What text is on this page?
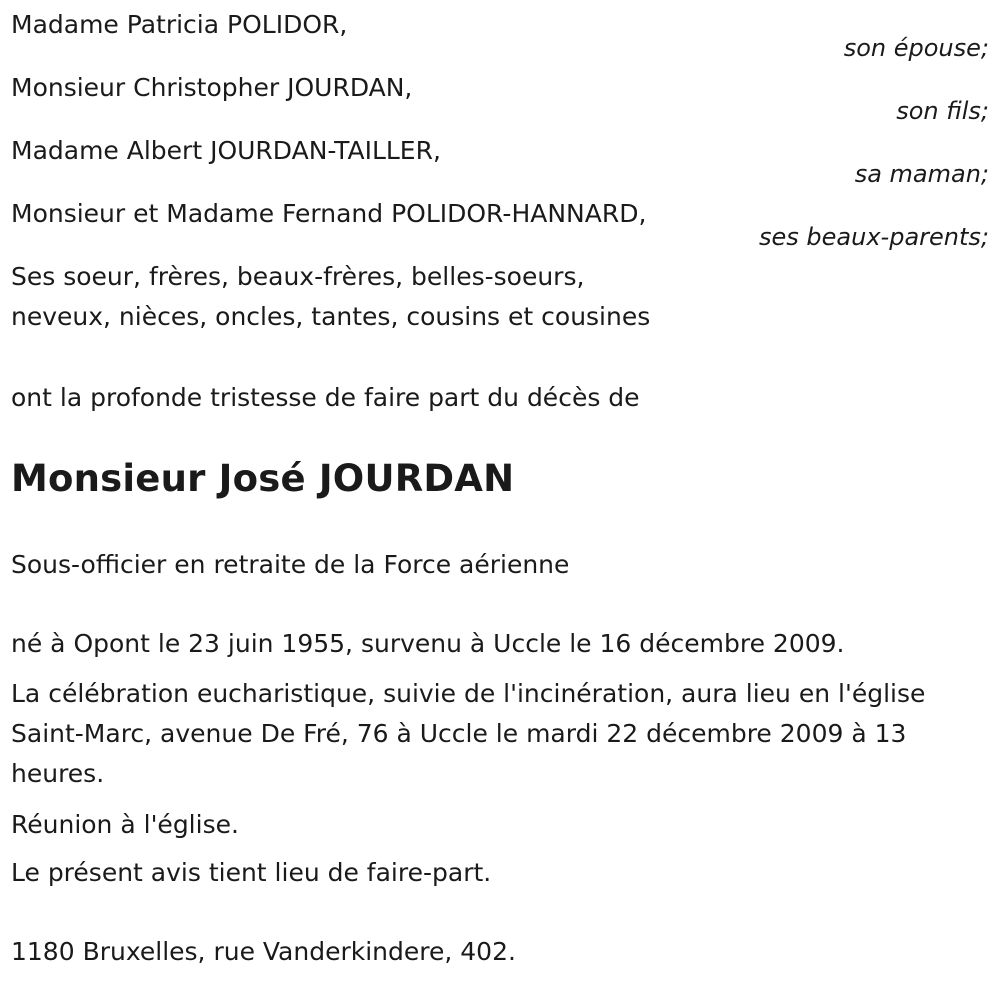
Madame Patricia POLIDOR,
son épouse;
Monsieur Christopher JOURDAN,
son fils;
Madame Albert JOURDAN-TAILLER,
sa maman;
Monsieur et Madame Fernand POLIDOR-HANNARD,
ses beaux-parents;
Ses soeur, frères, beaux-frères, belles-soeurs,
neveux, nièces, oncles, tantes, cousins et cousines
ont la profonde tristesse de faire part du décès de
Monsieur José JOURDAN
Sous-officier en retraite de la Force aérienne
né à Opont le 23 juin 1955, survenu à Uccle le 16 décembre 2009.
La célébration eucharistique, suivie de l'incinération, aura lieu en l'église Saint-Marc, avenue De Fré, 76 à Uccle le mardi 22 décembre 2009 à 13 heures.
Réunion à l'église.
Le présent avis tient lieu de faire-part.
1180 Bruxelles, rue Vanderkindere, 402.
